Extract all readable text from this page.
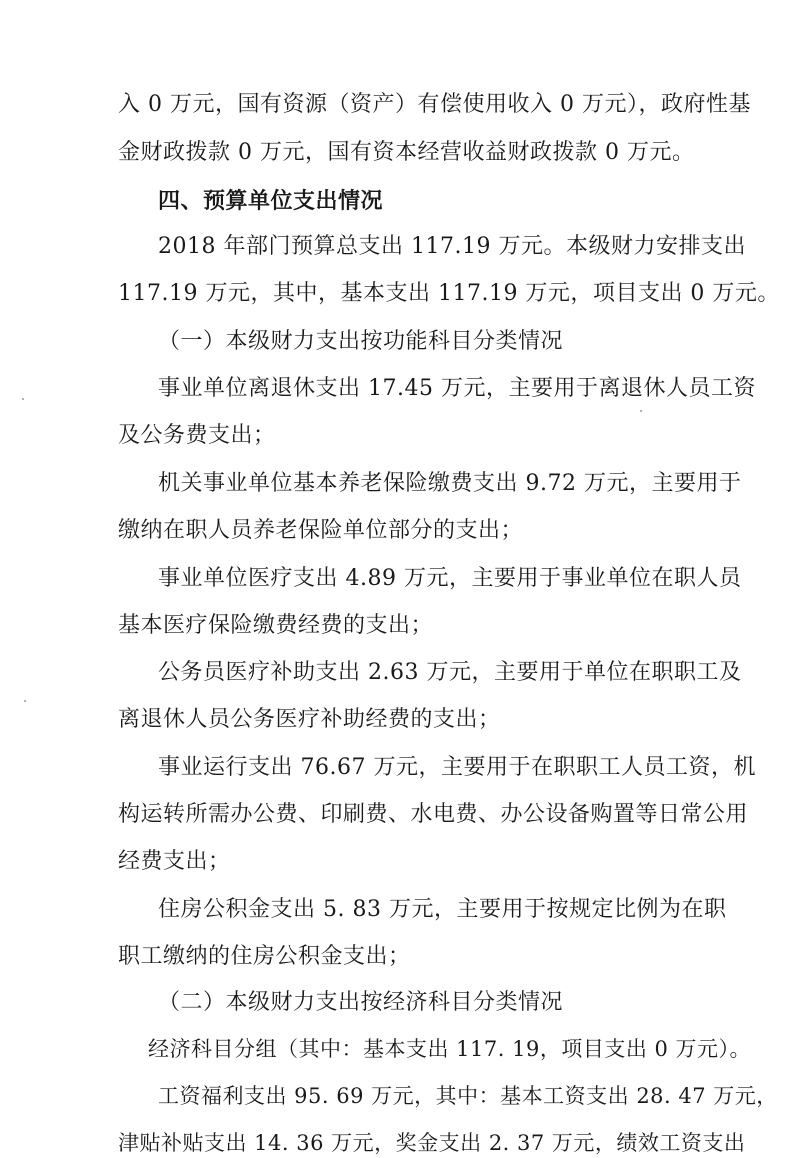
入 0 万元，国有资源（资产）有偿使用收入 0 万元），政府性基
金财政拨款 0 万元，国有资本经营收益财政拨款 0 万元。
四、预算单位支出情况
2018 年部门预算总支出 117.19 万元。本级财力安排支出
117.19 万元，其中，基本支出 117.19 万元，项目支出 0 万元。
（一）本级财力支出按功能科目分类情况
事业单位离退休支出 17.45 万元，主要用于离退休人员工资
及公务费支出；
机关事业单位基本养老保险缴费支出 9.72 万元，主要用于
缴纳在职人员养老保险单位部分的支出；
事业单位医疗支出 4.89 万元，主要用于事业单位在职人员
基本医疗保险缴费经费的支出；
公务员医疗补助支出 2.63 万元，主要用于单位在职职工及
离退休人员公务医疗补助经费的支出；
事业运行支出 76.67 万元，主要用于在职职工人员工资，机
构运转所需办公费、印刷费、水电费、办公设备购置等日常公用
经费支出；
住房公积金支出 5. 83 万元，主要用于按规定比例为在职
职工缴纳的住房公积金支出；
（二）本级财力支出按经济科目分类情况
经济科目分组（其中：基本支出 117. 19，项目支出 0 万元）。
工资福利支出 95. 69 万元，其中：基本工资支出 28. 47 万元，
津贴补贴支出 14. 36 万元，奖金支出 2. 37 万元，绩效工资支出
